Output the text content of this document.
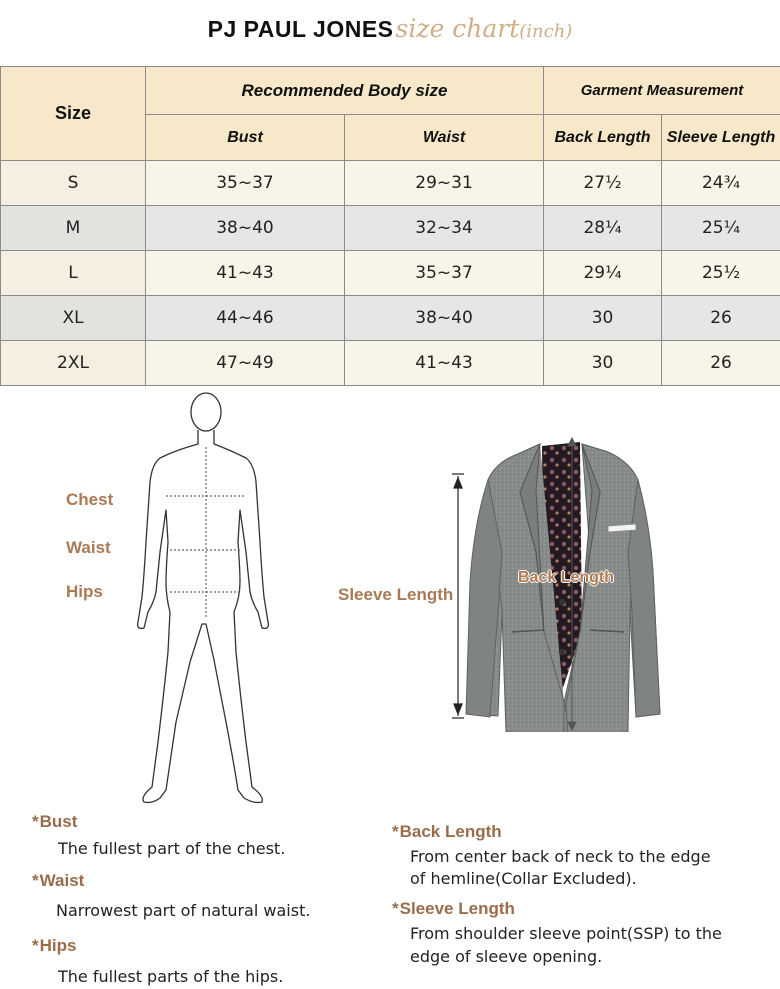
PJ PAUL JONESsize chart(inch)
Size	Recommended Body size		Garment Measurement	
	Bust	Waist	Back Length	Sleeve Length
S	35~37	29~31	27½	24¾
M	38~40	32~34	28¼	25¼
L	41~43	35~37	29¼	25½
XL	44~46	38~40	30	26
2XL	47~49	41~43	30	26
Chest
Waist
Hips	Sleeve Length
Back Length
*Bust
The fullest part of the chest.
*Waist
Narrowest part of natural waist.
*Hips
The fullest parts of the hips.
*Back Length
From center back of neck to the edge
of hemline(Collar Excluded).
*Sleeve Length
From shoulder sleeve point(SSP) to the
edge of sleeve opening.
